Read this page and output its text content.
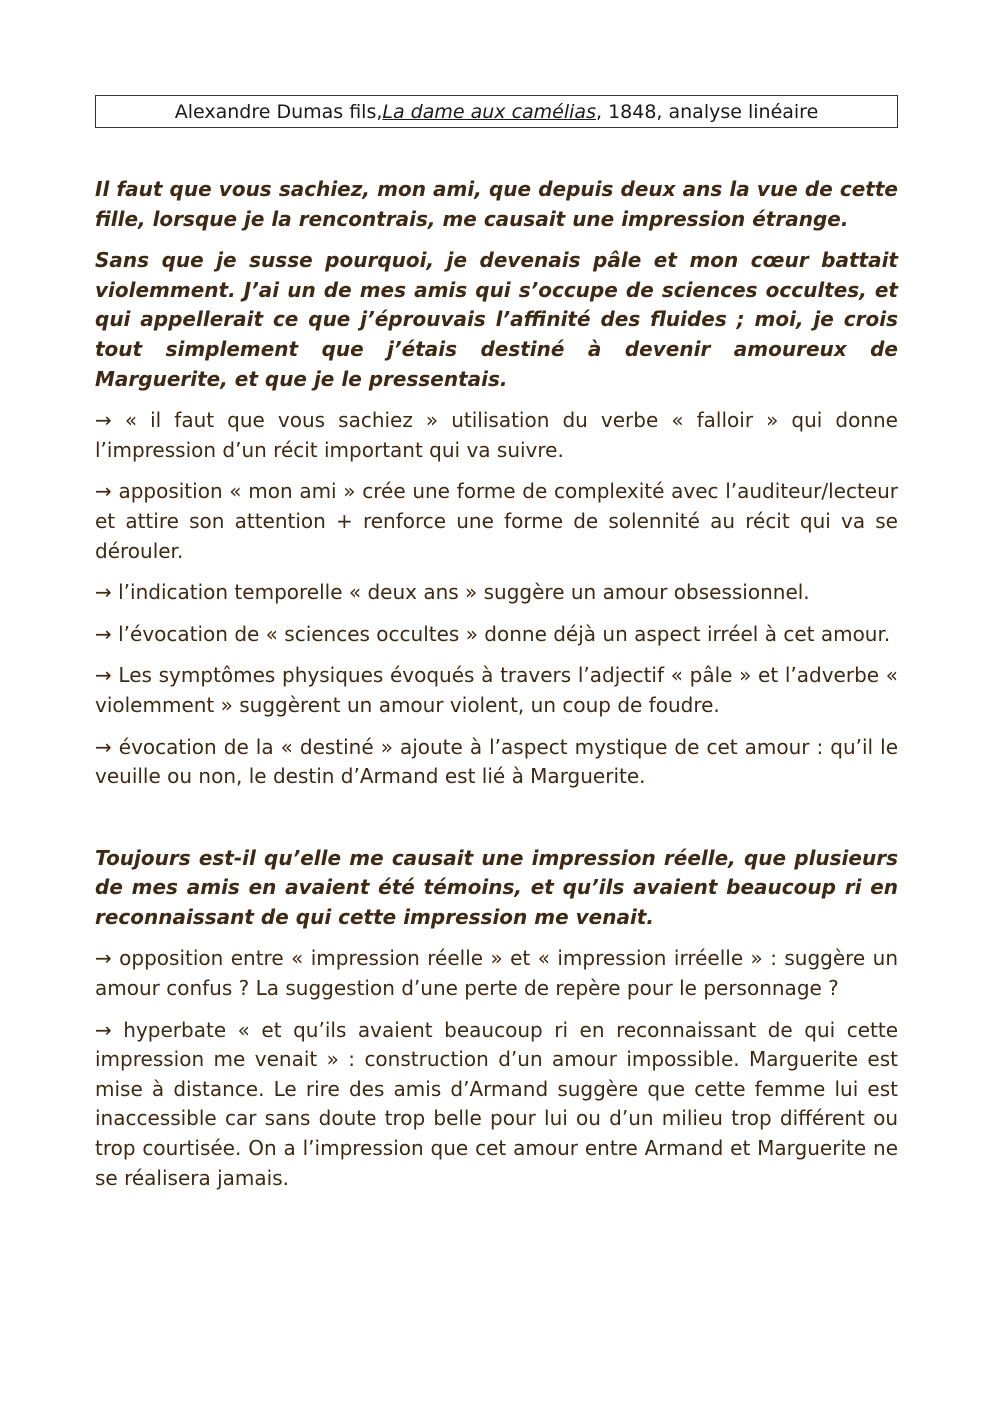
Alexandre Dumas fils, La dame aux camélias , 1848, analyse linéaire

Il faut que vous sachiez, mon ami, que depuis deux ans la vue de cette fille, lorsque je la rencontrais, me causait une impression étrange.

Sans que je susse pourquoi, je devenais pâle et mon cœur battait violemment. J’ai un de mes amis qui s’occupe de sciences occultes, et qui appellerait ce que j’éprouvais l’affinité des fluides ; moi, je crois tout simplement que j’étais destiné à devenir amoureux de Marguerite, et que je le pressentais.

→ « il faut que vous sachiez » utilisation du verbe « falloir » qui donne l’impression d’un récit important qui va suivre.

→ apposition « mon ami » crée une forme de complexité avec l’auditeur/lecteur et attire son attention + renforce une forme de solennité au récit qui va se dérouler.

→ l’indication temporelle « deux ans » suggère un amour obsessionnel.

→ l’évocation de « sciences occultes » donne déjà un aspect irréel à cet amour.

→ Les symptômes physiques évoqués à travers l’adjectif « pâle » et l’adverbe « violemment » suggèrent un amour violent, un coup de foudre.

→ évocation de la « destiné » ajoute à l’aspect mystique de cet amour : qu’il le veuille ou non, le destin d’Armand est lié à Marguerite.

Toujours est-il qu’elle me causait une impression réelle, que plusieurs de mes amis en avaient été témoins, et qu’ils avaient beaucoup ri en reconnaissant de qui cette impression me venait.

→ opposition entre « impression réelle » et « impression irréelle » : suggère un amour confus ? La suggestion d’une perte de repère pour le personnage ?

→ hyperbate « et qu’ils avaient beaucoup ri en reconnaissant de qui cette impression me venait » : construction d’un amour impossible. Marguerite est mise à distance. Le rire des amis d’Armand suggère que cette femme lui est inaccessible car sans doute trop belle pour lui ou d’un milieu trop différent ou trop courtisée. On a l’impression que cet amour entre Armand et Marguerite ne se réalisera jamais.
